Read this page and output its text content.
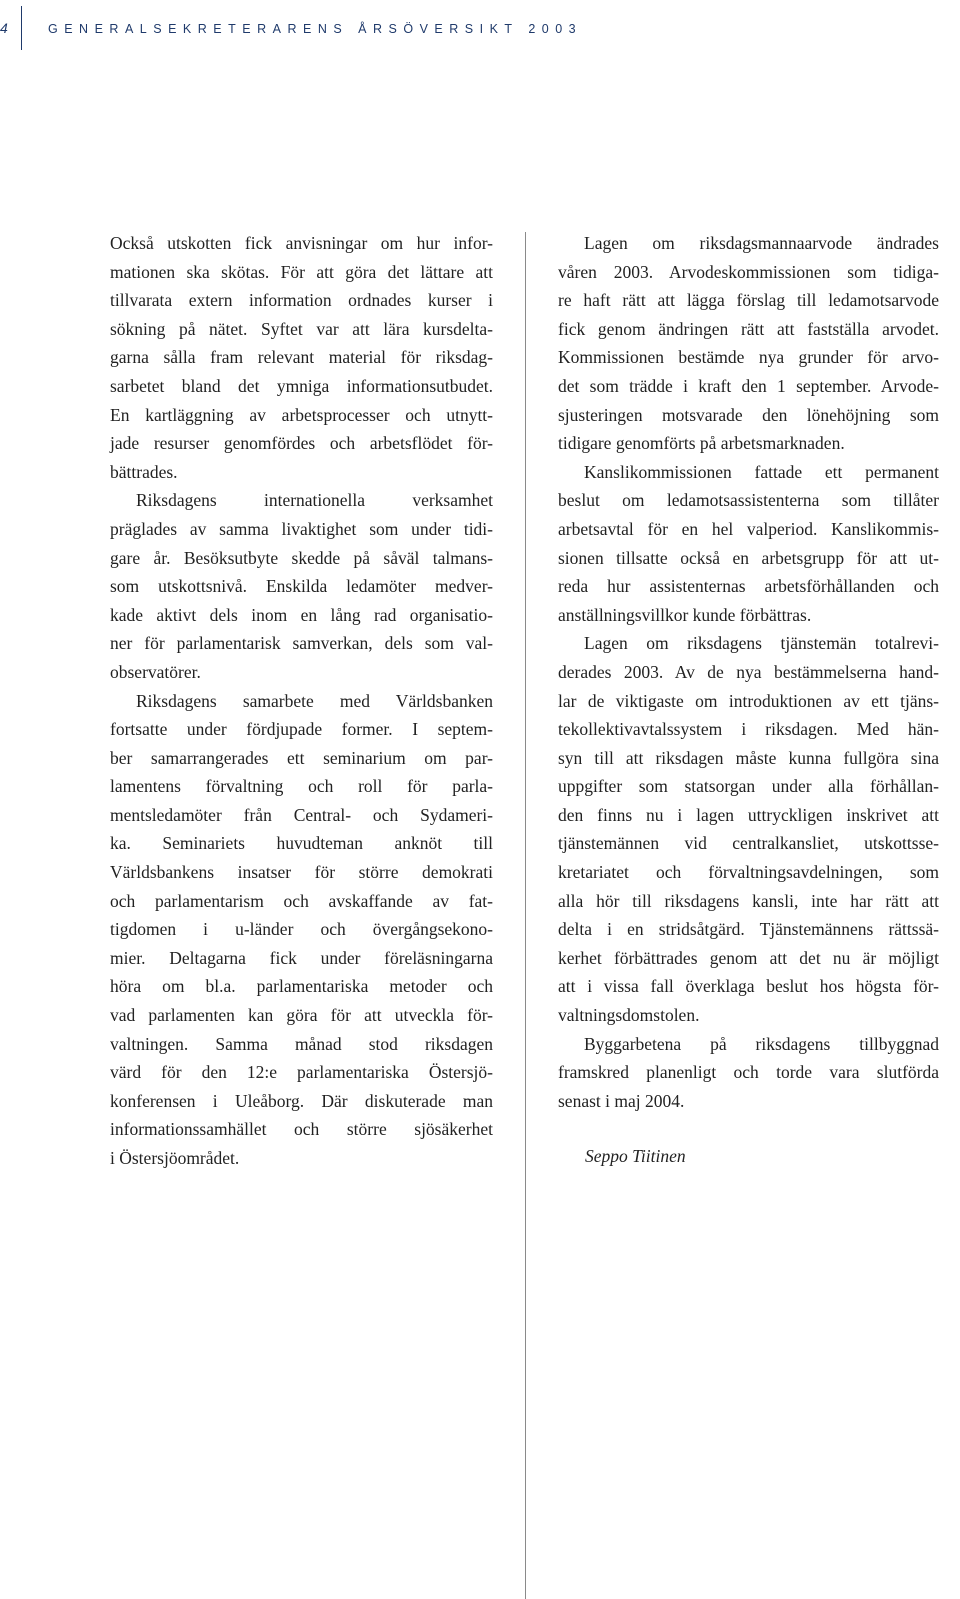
4	GENERALSEKRETERARENS ÅRSÖVERSIKT 2003
Också utskotten fick anvisningar om hur infor-
mationen ska skötas. För att göra det lättare att
tillvarata extern information ordnades kurser i
sökning på nätet. Syftet var att lära kursdelta-
garna sålla fram relevant material för riksdag-
sarbetet bland det ymniga informationsutbudet.
En kartläggning av arbetsprocesser och utnytt-
jade resurser genomfördes och arbetsflödet för-
bättrades.
Riksdagens internationella verksamhet
präglades av samma livaktighet som under tidi-
gare år. Besöksutbyte skedde på såväl talmans-
som utskottsnivå. Enskilda ledamöter medver-
kade aktivt dels inom en lång rad organisatio-
ner för parlamentarisk samverkan, dels som val-
observatörer.
Riksdagens samarbete med Världsbanken
fortsatte under fördjupade former. I septem-
ber samarrangerades ett seminarium om par-
lamentens förvaltning och roll för parla-
mentsledamöter från Central- och Sydameri-
ka. Seminariets huvudteman anknöt till
Världsbankens insatser för större demokrati
och parlamentarism och avskaffande av fat-
tigdomen i u-länder och övergångsekono-
mier. Deltagarna fick under föreläsningarna
höra om bl.a. parlamentariska metoder och
vad parlamenten kan göra för att utveckla för-
valtningen. Samma månad stod riksdagen
värd för den 12:e parlamentariska Östersjö-
konferensen i Uleåborg. Där diskuterade man
informationssamhället och större sjösäkerhet
i Östersjöområdet.
Lagen om riksdagsmannaarvode ändrades
våren 2003. Arvodeskommissionen som tidiga-
re haft rätt att lägga förslag till ledamotsarvode
fick genom ändringen rätt att fastställa arvodet.
Kommissionen bestämde nya grunder för arvo-
det som trädde i kraft den 1 september. Arvode-
sjusteringen motsvarade den lönehöjning som
tidigare genomförts på arbetsmarknaden.
Kanslikommissionen fattade ett permanent
beslut om ledamotsassistenterna som tillåter
arbetsavtal för en hel valperiod. Kanslikommis-
sionen tillsatte också en arbetsgrupp för att ut-
reda hur assistenternas arbetsförhållanden och
anställningsvillkor kunde förbättras.
Lagen om riksdagens tjänstemän totalrevi-
derades 2003. Av de nya bestämmelserna hand-
lar de viktigaste om introduktionen av ett tjäns-
tekollektivavtalssystem i riksdagen. Med hän-
syn till att riksdagen måste kunna fullgöra sina
uppgifter som statsorgan under alla förhållan-
den finns nu i lagen uttryckligen inskrivet att
tjänstemännen vid centralkansliet, utskottsse-
kretariatet och förvaltningsavdelningen, som
alla hör till riksdagens kansli, inte har rätt att
delta i en stridsåtgärd. Tjänstemännens rättssä-
kerhet förbättrades genom att det nu är möjligt
att i vissa fall överklaga beslut hos högsta för-
valtningsdomstolen.
Byggarbetena på riksdagens tillbyggnad
framskred planenligt och torde vara slutförda
senast i maj 2004.
Seppo Tiitinen
